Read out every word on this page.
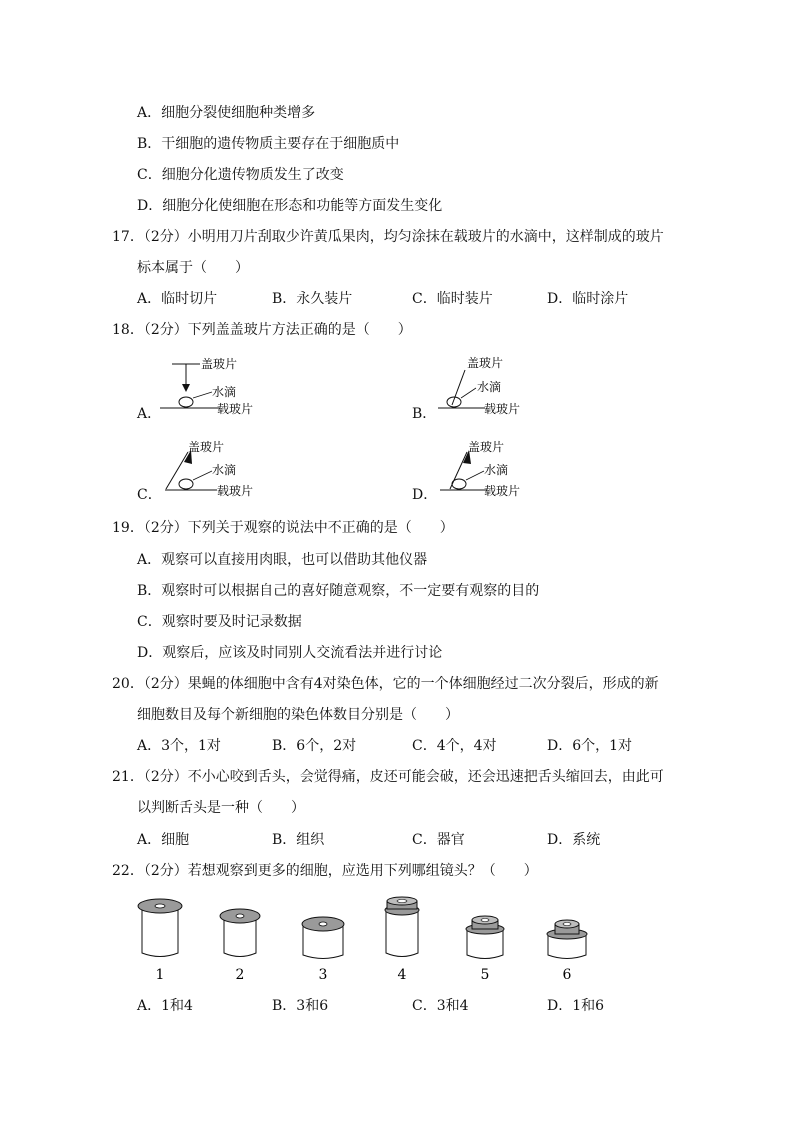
A．细胞分裂使细胞种类增多
B．干细胞的遗传物质主要存在于细胞质中
C．细胞分化遗传物质发生了改变
D．细胞分化使细胞在形态和功能等方面发生变化
17．（2分）小明用刀片刮取少许黄瓜果肉，均匀涂抹在载玻片的水滴中，这样制成的玻片
标本属于（　　）
A．临时切片	B．永久装片	C．临时装片	D．临时涂片
18．（2分）下列盖盖玻片方法正确的是（　　）
A．
盖玻片
水滴
载玻片	B．
盖玻片
水滴
载玻片
C．
盖玻片
水滴
载玻片	D．
盖玻片
水滴
载玻片
19．（2分）下列关于观察的说法中不正确的是（　　）
A．观察可以直接用肉眼，也可以借助其他仪器
B．观察时可以根据自己的喜好随意观察，不一定要有观察的目的
C．观察时要及时记录数据
D．观察后，应该及时同别人交流看法并进行讨论
20．（2分）果蝇的体细胞中含有4对染色体，它的一个体细胞经过二次分裂后，形成的新
细胞数目及每个新细胞的染色体数目分别是（　　）
A．3个，1对	B．6个，2对	C．4个，4对	D．6个，1对
21．（2分）不小心咬到舌头，会觉得痛，皮还可能会破，还会迅速把舌头缩回去，由此可
以判断舌头是一种（　　）
A．细胞	B．组织	C．器官	D．系统
22．（2分）若想观察到更多的细胞，应选用下列哪组镜头？（　　）
1	2	3	4	5	6
A．1和4	B．3和6	C．3和4	D．1和6
